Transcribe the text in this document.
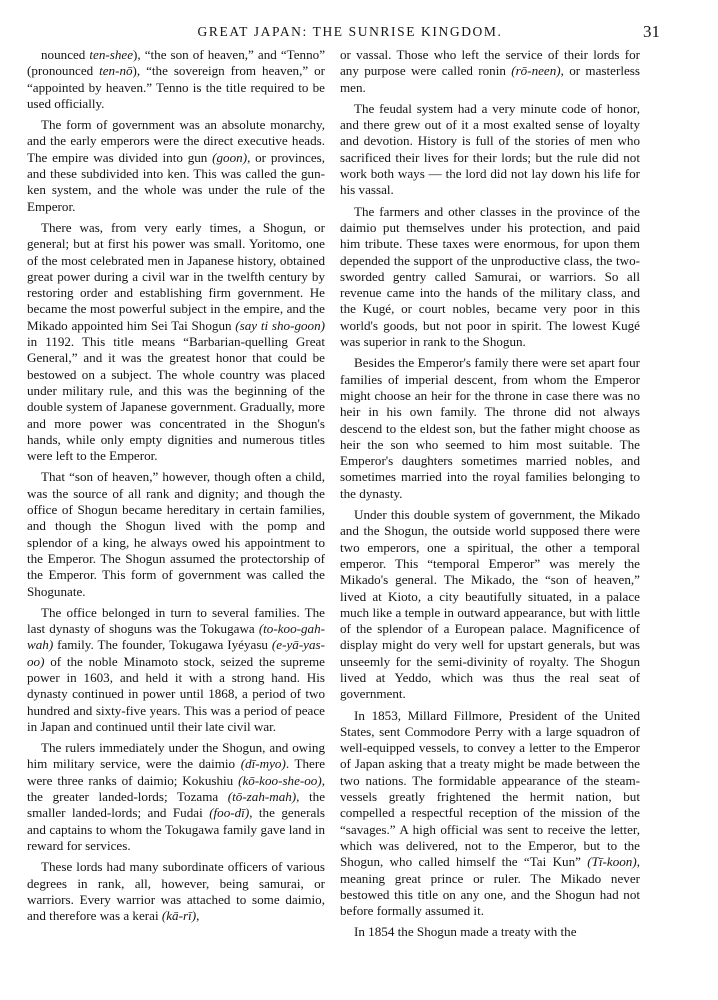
GREAT JAPAN: THE SUNRISE KINGDOM.	31

nounced ten-shee), “the son of heaven,” and “Tenno” (pronounced ten-nō), “the sovereign from heaven,” or “appointed by heaven.” Tenno is the title required to be used officially.

The form of government was an absolute monarchy, and the early emperors were the direct executive heads. The empire was divided into gun (goon), or provinces, and these subdivided into ken. This was called the gun-ken system, and the whole was under the rule of the Emperor.

There was, from very early times, a Shogun, or general; but at first his power was small. Yoritomo, one of the most celebrated men in Japanese history, obtained great power during a civil war in the twelfth century by restoring order and establishing firm government. He became the most powerful subject in the empire, and the Mikado appointed him Sei Tai Shogun (say ti sho-goon) in 1192. This title means “Barbarian-quelling Great General,” and it was the greatest honor that could be bestowed on a subject. The whole country was placed under military rule, and this was the beginning of the double system of Japanese government. Gradually, more and more power was concentrated in the Shogun's hands, while only empty dignities and numerous titles were left to the Emperor.

That “son of heaven,” however, though often a child, was the source of all rank and dignity; and though the office of Shogun became hereditary in certain families, and though the Shogun lived with the pomp and splendor of a king, he always owed his appointment to the Emperor. The Shogun assumed the protectorship of the Emperor. This form of government was called the Shogunate.

The office belonged in turn to several families. The last dynasty of shoguns was the Tokugawa (to-koo-gah-wah) family. The founder, Tokugawa Iyéyasu (e-yā-yas-oo) of the noble Minamoto stock, seized the supreme power in 1603, and held it with a strong hand. His dynasty continued in power until 1868, a period of two hundred and sixty-five years. This was a period of peace in Japan and continued until their late civil war.

The rulers immediately under the Shogun, and owing him military service, were the daimio (dī-myo). There were three ranks of daimio; Kokushiu (kō-koo-she-oo), the greater landed-lords; Tozama (tō-zah-mah), the smaller landed-lords; and Fudai (foo-dī), the generals and captains to whom the Tokugawa family gave land in reward for services.

These lords had many subordinate officers of various degrees in rank, all, however, being samurai, or warriors. Every warrior was attached to some daimio, and therefore was a kerai (kā-rī),

or vassal. Those who left the service of their lords for any purpose were called ronin (rō-neen), or masterless men.

The feudal system had a very minute code of honor, and there grew out of it a most exalted sense of loyalty and devotion. History is full of the stories of men who sacrificed their lives for their lords; but the rule did not work both ways — the lord did not lay down his life for his vassal.

The farmers and other classes in the province of the daimio put themselves under his protection, and paid him tribute. These taxes were enormous, for upon them depended the support of the unproductive class, the two-sworded gentry called Samurai, or warriors. So all revenue came into the hands of the military class, and the Kugé, or court nobles, became very poor in this world's goods, but not poor in spirit. The lowest Kugé was superior in rank to the Shogun.

Besides the Emperor's family there were set apart four families of imperial descent, from whom the Emperor might choose an heir for the throne in case there was no heir in his own family. The throne did not always descend to the eldest son, but the father might choose as heir the son who seemed to him most suitable. The Emperor's daughters sometimes married nobles, and sometimes married into the royal families belonging to the dynasty.

Under this double system of government, the Mikado and the Shogun, the outside world supposed there were two emperors, one a spiritual, the other a temporal emperor. This “temporal Emperor” was merely the Mikado's general. The Mikado, the “son of heaven,” lived at Kioto, a city beautifully situated, in a palace much like a temple in outward appearance, but with little of the splendor of a European palace. Magnificence of display might do very well for upstart generals, but was unseemly for the semi-divinity of royalty. The Shogun lived at Yeddo, which was thus the real seat of government.

In 1853, Millard Fillmore, President of the United States, sent Commodore Perry with a large squadron of well-equipped vessels, to convey a letter to the Emperor of Japan asking that a treaty might be made between the two nations. The formidable appearance of the steam-vessels greatly frightened the hermit nation, but compelled a respectful reception of the mission of the “savages.” A high official was sent to receive the letter, which was delivered, not to the Emperor, but to the Shogun, who called himself the “Tai Kun” (Tī-koon), meaning great prince or ruler. The Mikado never bestowed this title on any one, and the Shogun had not before formally assumed it.

In 1854 the Shogun made a treaty with the
